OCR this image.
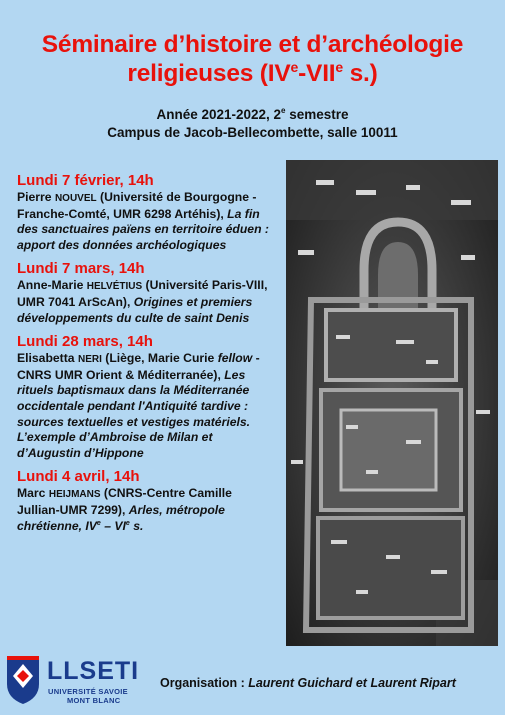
Séminaire d’histoire et d’archéologie
religieuses (IVe-VIIe s.)
Année 2021-2022, 2e semestre
Campus de Jacob-Bellecombette, salle 10011
Lundi 7 février, 14h
Pierre NOUVEL (Université de Bourgogne - Franche-Comté, UMR 6298 Artéhis), La fin des sanctuaires païens en territoire éduen : apport des données archéologiques
Lundi 7 mars, 14h
Anne-Marie HELVÉTIUS (Université Paris-VIII, UMR 7041 ArScAn), Origines et premiers développements du culte de saint Denis
Lundi 28 mars, 14h
Elisabetta NERI (Liège, Marie Curie fellow - CNRS UMR Orient & Méditerranée), Les rituels baptismaux dans la Méditerranée occidentale pendant l'Antiquité tardive : sources textuelles et vestiges matériels. L’exemple d’Ambroise de Milan et d’Augustin d’Hippone
Lundi 4 avril, 14h
Marc HEIJMANS (CNRS-Centre Camille Jullian-UMR 7299), Arles, métropole chrétienne, IVe – VIe s.
LLSETI
UNIVERSITÉ SAVOIE
MONT BLANC
Organisation : Laurent Guichard et Laurent Ripart
